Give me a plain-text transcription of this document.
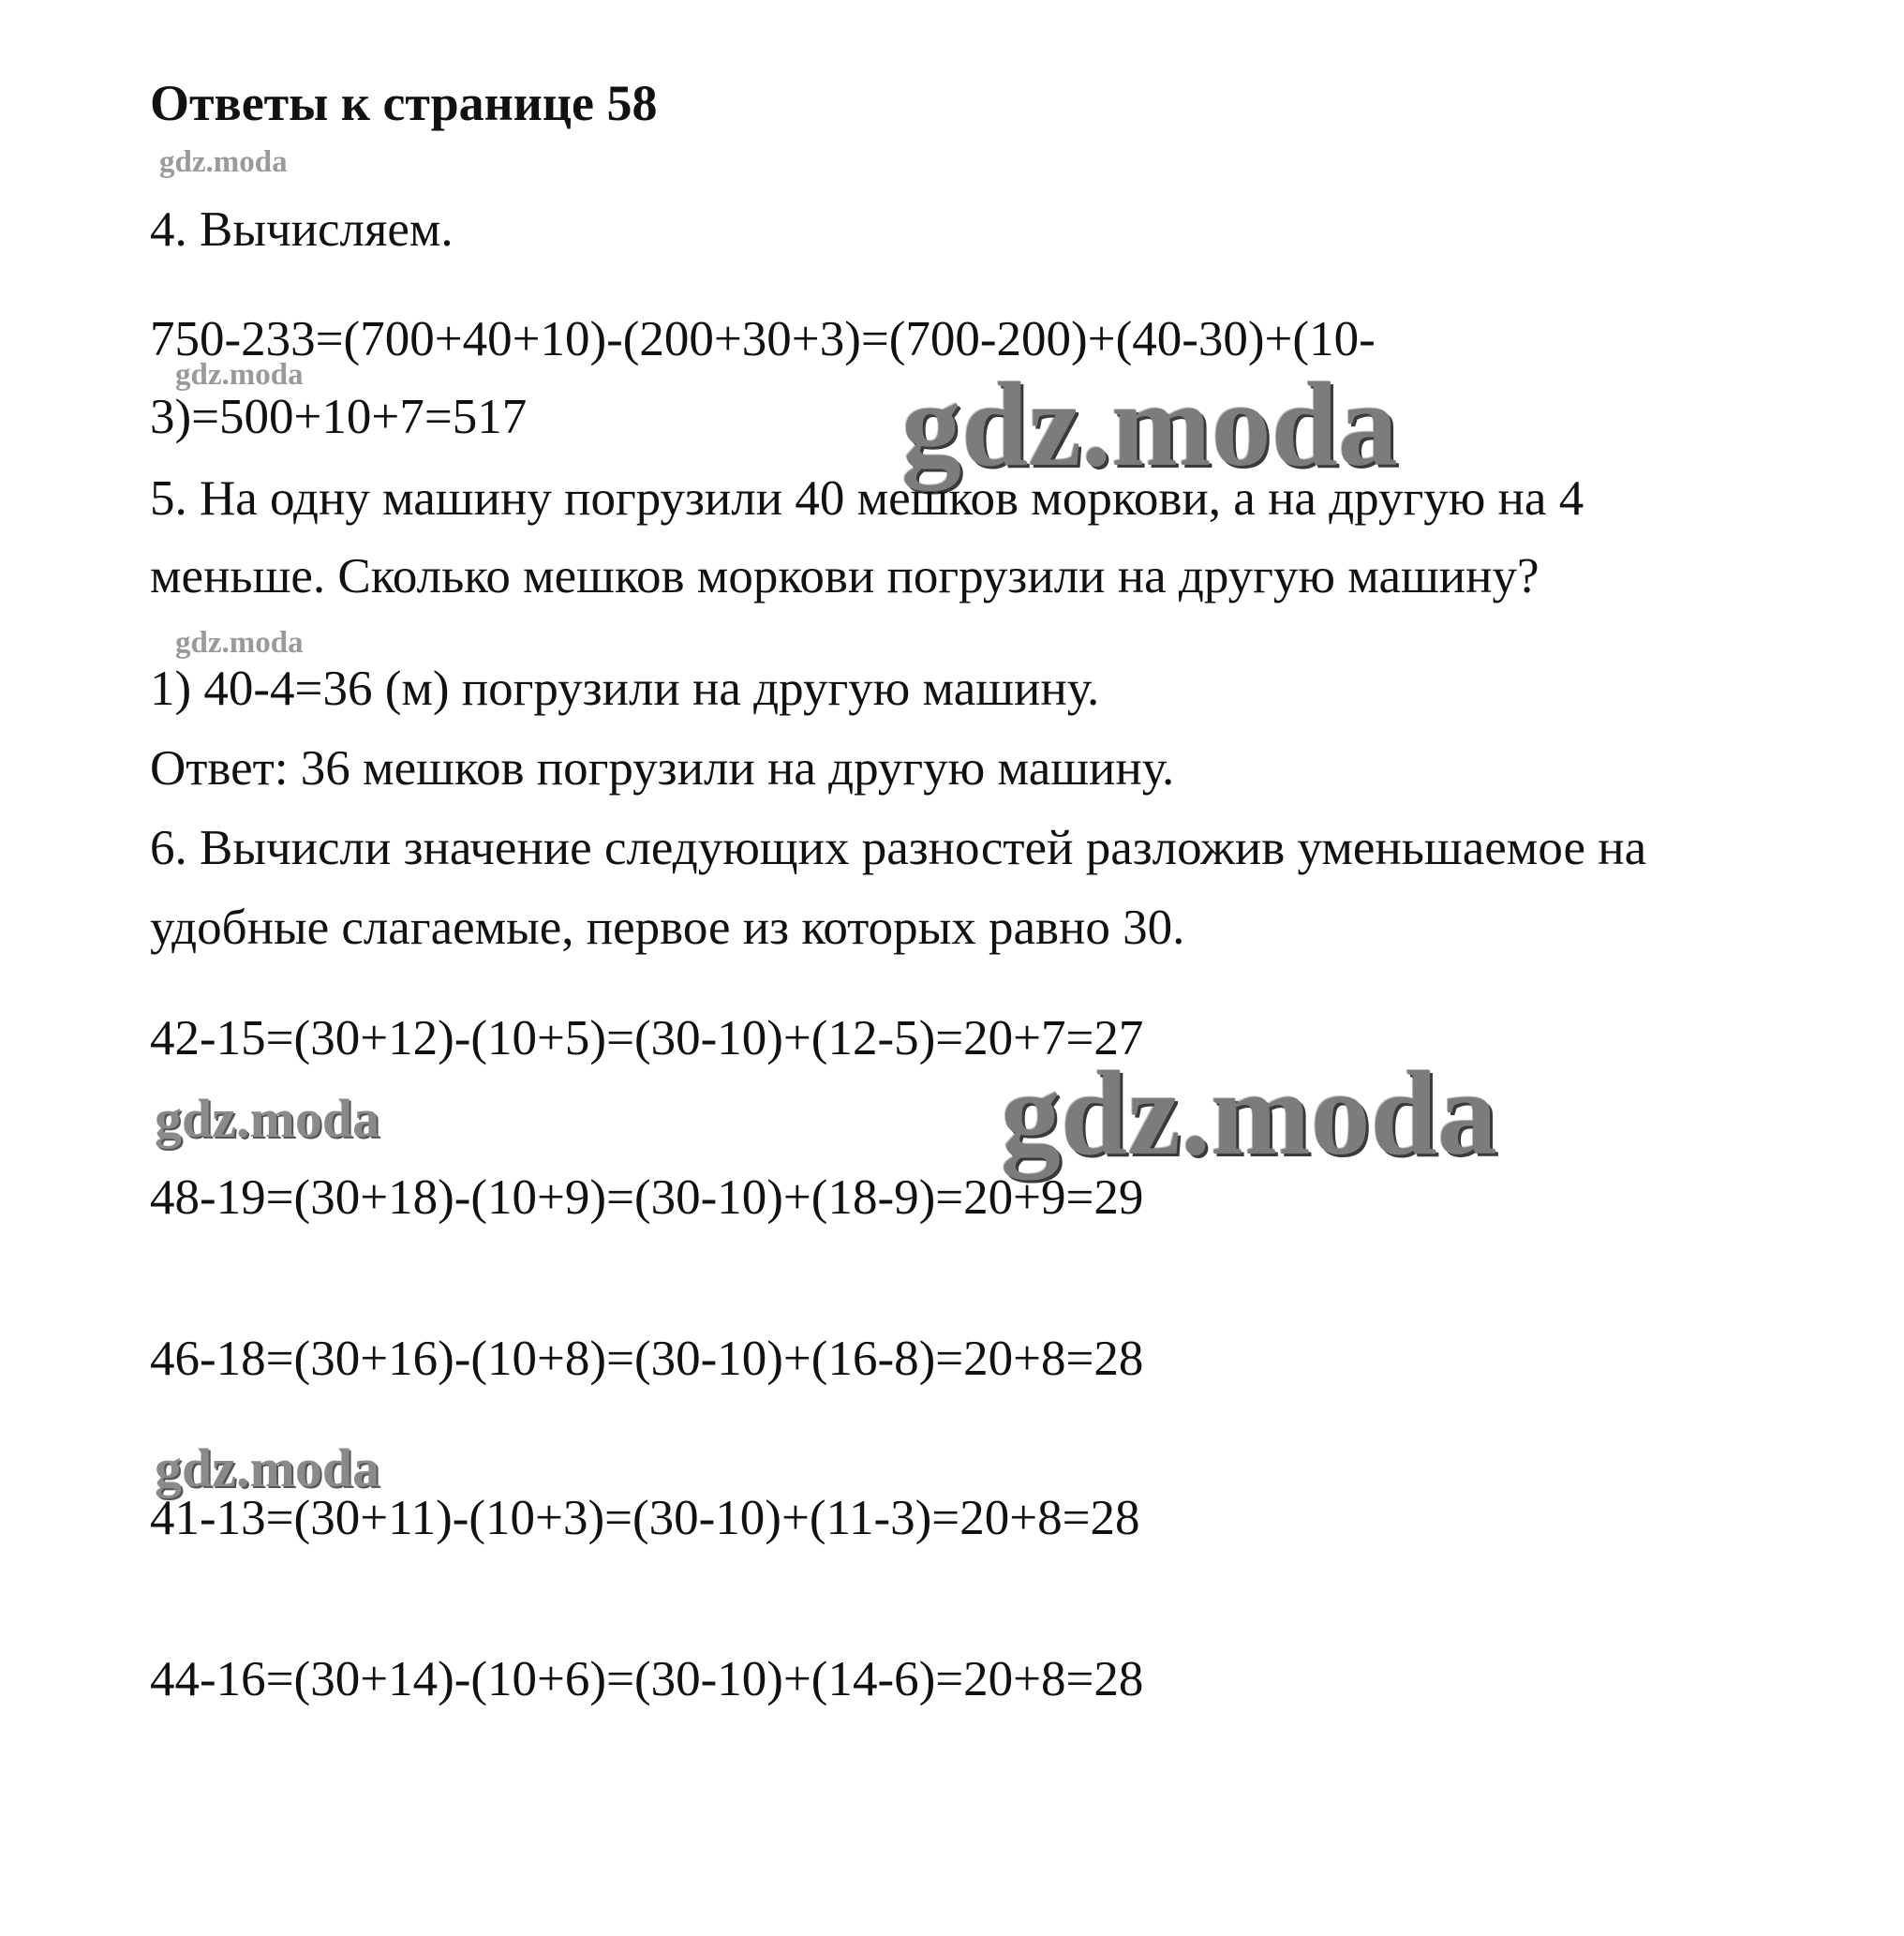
Ответы к странице 58
gdz.moda
gdz.moda	gdz.moda
gdz.moda
gdz.moda	gdz.moda
gdz.moda
4. Вычисляем.
750-233=(700+40+10)-(200+30+3)=(700-200)+(40-30)+(10-
3)=500+10+7=517
5. На одну машину погрузили 40 мешков моркови, а на другую на 4
меньше. Сколько мешков моркови погрузили на другую машину?
1) 40-4=36 (м) погрузили на другую машину.
Ответ: 36 мешков погрузили на другую машину.
6. Вычисли значение следующих разностей разложив уменьшаемое на
удобные слагаемые, первое из которых равно 30.
42-15=(30+12)-(10+5)=(30-10)+(12-5)=20+7=27
48-19=(30+18)-(10+9)=(30-10)+(18-9)=20+9=29
46-18=(30+16)-(10+8)=(30-10)+(16-8)=20+8=28
41-13=(30+11)-(10+3)=(30-10)+(11-3)=20+8=28
44-16=(30+14)-(10+6)=(30-10)+(14-6)=20+8=28
